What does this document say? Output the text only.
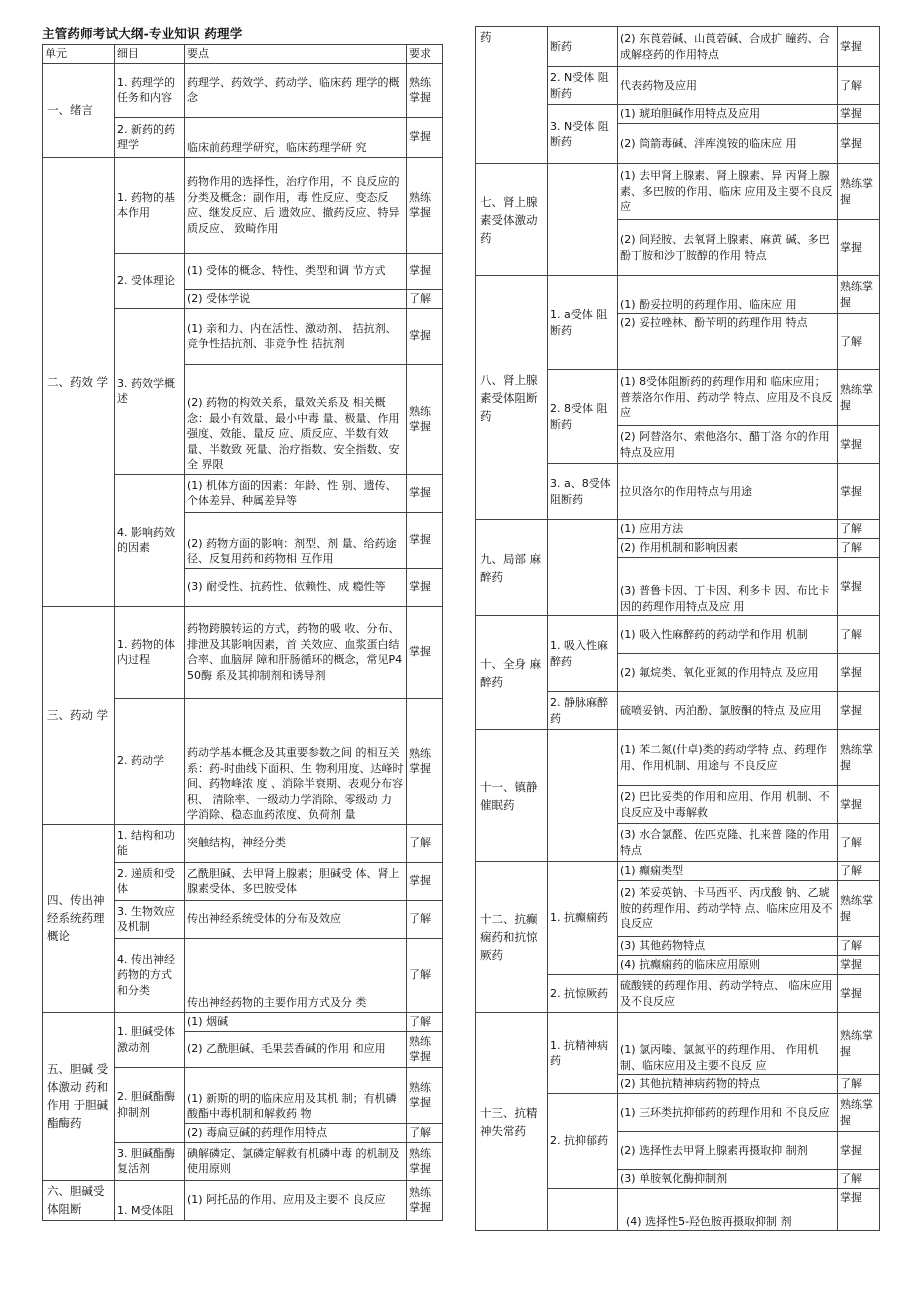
主管药师考试大纲-专业知识 药理学
单元	细目	要点	要求
一、绪言	1. 药理学的任务和内容	药理学、药效学、药动学、临床药 理学的概念	熟练掌握
	2. 新药的药理学	临床前药理学研究，临床药理学研 究	掌握
二、药效 学	1. 药物的基本作用	药物作用的选择性，治疗作用，不 良反应的分类及概念：副作用，毒 性反应、变态反应、继发反应、后 遗效应、撤药反应、特异质反应、 致畸作用	熟练掌握
	2. 受体理论	(1) 受体的概念、特性、类型和调 节方式	掌握
		(2) 受体学说	了解
	3. 药效学概述	(1) 亲和力、内在活性、激动剂、 拮抗剂、竞争性拮抗剂、非竞争性 拮抗剂	掌握
		(2) 药物的构效关系，量效关系及 相关概念：最小有效量、最小中毒 量、极量、作用强度、效能、量反 应、质反应、半数有效量、半数致 死量、治疗指数、安全指数、安全 界限	熟练掌握
	4. 影响药效的因素	(1) 机体方面的因素：年龄、性 别、遗传、个体差异、种属差异等	掌握
		(2) 药物方面的影响：剂型、剂 量、给药途径、反复用药和药物相 互作用	掌握
		(3) 耐受性、抗药性、依赖性、成 瘾性等	掌握
三、药动 学	1. 药物的体内过程	药物跨膜转运的方式，药物的吸 收、分布、排泄及其影响因素，首 关效应、血浆蛋白结合率、血脑屏 障和肝肠循环的概念，常见P450酶 系及其抑制剂和诱导剂	掌握
	2. 药动学	药动学基本概念及其重要参数之间 的相互关系：药-时曲线下面积、生 物利用度、达峰时间、药物峰浓 度 、消除半衰期、表观分布容积、 清除率、一级动力学消除、零级动 力 学消除、稳态血药浓度、负荷剂 量	熟练掌握
四、传出神经系统药理概论	1. 结构和功能	突触结构，神经分类	了解
	2. 递质和受体	乙酰胆碱、去甲肾上腺素；胆碱受 体、肾上腺素受体、多巴胺受体	掌握
	3. 生物效应及机制	传出神经系统受体的分布及效应	了解
	4. 传出神经药物的方式和分类	传出神经药物的主要作用方式及分 类	了解
五、胆碱 受体激动 药和作用 于胆碱酯酶药	1. 胆碱受体激动剂	(1) 烟碱	了解
		(2) 乙酰胆碱、毛果芸香碱的作用 和应用	熟练掌握
	2. 胆碱酯酶抑制剂	(1) 新斯的明的临床应用及其机 制；有机磷酸酯中毒机制和解救药 物	熟练掌握
		(2) 毒扁豆碱的药理作用特点	了解
	3. 胆碱酯酶复活剂	碘解磷定、氯磷定解救有机磷中毒 的机制及使用原则	熟练掌握
六、胆碱受体阻断	1. M受体阻	(1) 阿托品的作用、应用及主要不 良反应	熟练掌握
药	断药	(2) 东莨菪碱、山莨菪碱、合成扩 瞳药、合成解痉药的作用特点	掌握
	2. N受体 阻断药	代表药物及应用	了解
	3. N受体 阻断药	(1) 琥珀胆碱作用特点及应用	掌握
		(2) 筒箭毒碱、泮库溴铵的临床应 用	掌握
七、肾上腺素受体激动药		(1) 去甲肾上腺素、肾上腺素、异 丙肾上腺素、多巴胺的作用、临床 应用及主要不良反应	熟练掌握
		(2) 间羟胺、去氧肾上腺素、麻黄 碱、多巴酚丁胺和沙丁胺醇的作用 特点	掌握
八、肾上腺素受体阻断药	1. a受体 阻断药	(1) 酚妥拉明的药理作用、临床应 用	熟练掌握
		(2) 妥拉唑林、酚苄明的药理作用 特点	了解
	2. 8受体 阻断药	(1) 8受体阻断药的药理作用和 临床应用；普萘洛尔作用、药动学 特点、应用及不良反应	熟练掌握
		(2) 阿替洛尔、索他洛尔、醋丁洛 尔的作用特点及应用	掌握
	3. a、8受体阻断药	拉贝洛尔的作用特点与用途	掌握
九、局部 麻醉药		(1) 应用方法	了解
		(2) 作用机制和影响因素	了解
		(3) 普鲁卡因、丁卡因、利多卡 因、布比卡因的药理作用特点及应 用	掌握
十、全身 麻醉药	1. 吸入性麻醉药	(1) 吸入性麻醉药的药动学和作用 机制	了解
		(2) 氟烷类、氧化亚氮的作用特点 及应用	掌握
	2. 静脉麻醉药	硫喷妥钠、丙泊酚、氯胺酮的特点 及应用	掌握
十一、镇静催眠药		(1) 苯二氮(什卓)类的药动学特 点、药理作用、作用机制、用途与 不良反应	熟练掌握
		(2) 巴比妥类的作用和应用、作用 机制、不良反应及中毒解救	掌握
		(3) 水合氯醛、佐匹克隆、扎来普 隆的作用特点	了解
十二、抗癫痫药和抗惊厥药	1. 抗癫痫药	(1) 癫痫类型	了解
		(2) 苯妥英钠、卡马西平、丙戊酸 钠、乙琥胺的药理作用、药动学特 点、临床应用及不良反应	熟练掌握
		(3) 其他药物特点	了解
		(4) 抗癫痫药的临床应用原则	掌握
	2. 抗惊厥药	硫酸镁的药理作用、药动学特点、 临床应用及不良反应	掌握
十三、抗精神失常药	1. 抗精神病药	(1) 氯丙嗪、氯氮平的药理作用、 作用机制、临床应用及主要不良反 应	熟练掌握
		(2) 其他抗精神病药物的特点	了解
	2. 抗抑郁药	(1) 三环类抗抑郁药的药理作用和 不良反应	熟练掌握
		(2) 选择性去甲肾上腺素再摄取抑 制剂	掌握
		(3) 单胺氧化酶抑制剂	了解
		(4) 选择性5-羟色胺再摄取抑制 剂	掌握
